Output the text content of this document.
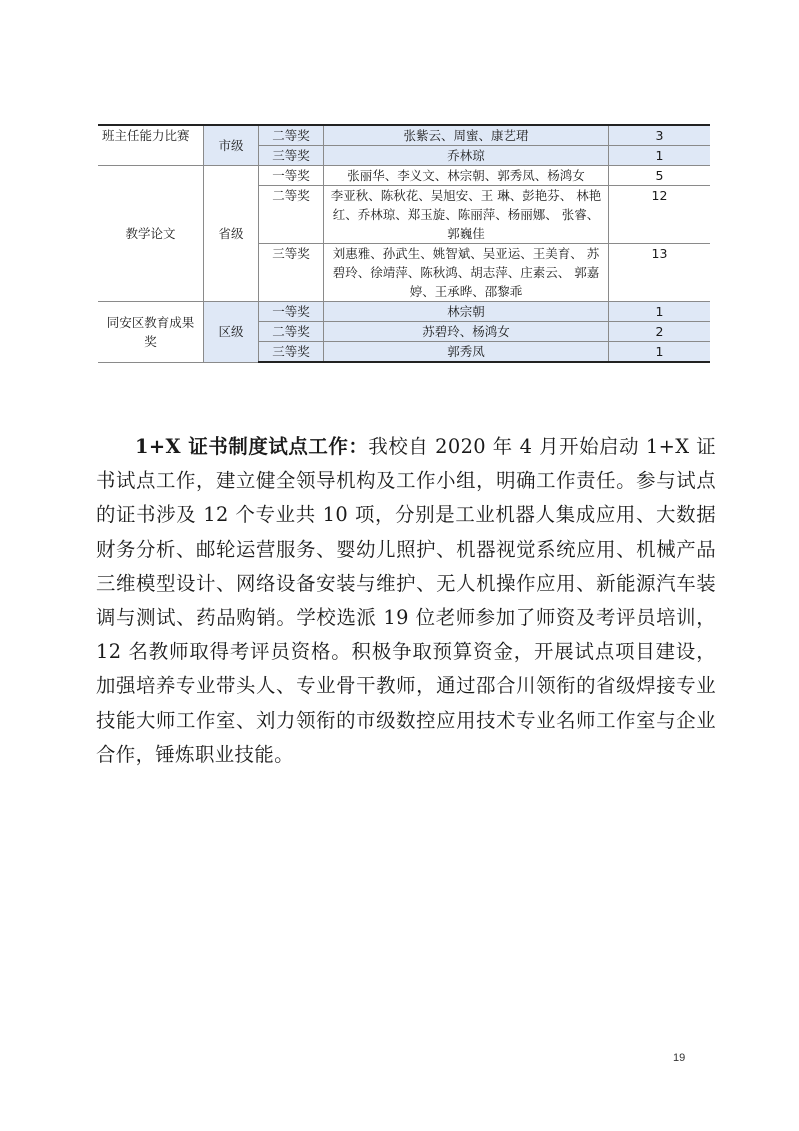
班主任能力比赛	市级	二等奖	张紫云、周蜜、康艺珺	3
		三等奖	乔林琼	1
教学论文	省级	一等奖	张丽华、李义文、林宗朝、郭秀凤、杨鸿女	5
		二等奖	李亚秋、陈秋花、吴旭安、王 琳、彭艳芬、 林艳红、乔林琼、郑玉旋、陈丽萍、杨丽娜、 张睿、郭巍佳	12
		三等奖	刘惠雅、孙武生、姚智斌、吴亚运、王美育、 苏碧玲、徐靖萍、陈秋鸿、胡志萍、庄素云、 郭嘉婷、王承晔、邵黎乖	13
同安区教育成果奖	区级	一等奖	林宗朝	1
		二等奖	苏碧玲、杨鸿女	2
		三等奖	郭秀凤	1

1+X 证书制度试点工作：我校自 2020 年 4 月开始启动 1+X 证书试点工作，建立健全领导机构及工作小组，明确工作责任。参与试点的证书涉及 12 个专业共 10 项，分别是工业机器人集成应用、大数据财务分析、邮轮运营服务、婴幼儿照护、机器视觉系统应用、机械产品三维模型设计、网络设备安装与维护、无人机操作应用、新能源汽车装调与测试、药品购销。学校选派 19 位老师参加了师资及考评员培训，12 名教师取得考评员资格。积极争取预算资金，开展试点项目建设，加强培养专业带头人、专业骨干教师，通过邵合川领衔的省级焊接专业技能大师工作室、刘力领衔的市级数控应用技术专业名师工作室与企业合作，锤炼职业技能。

19
